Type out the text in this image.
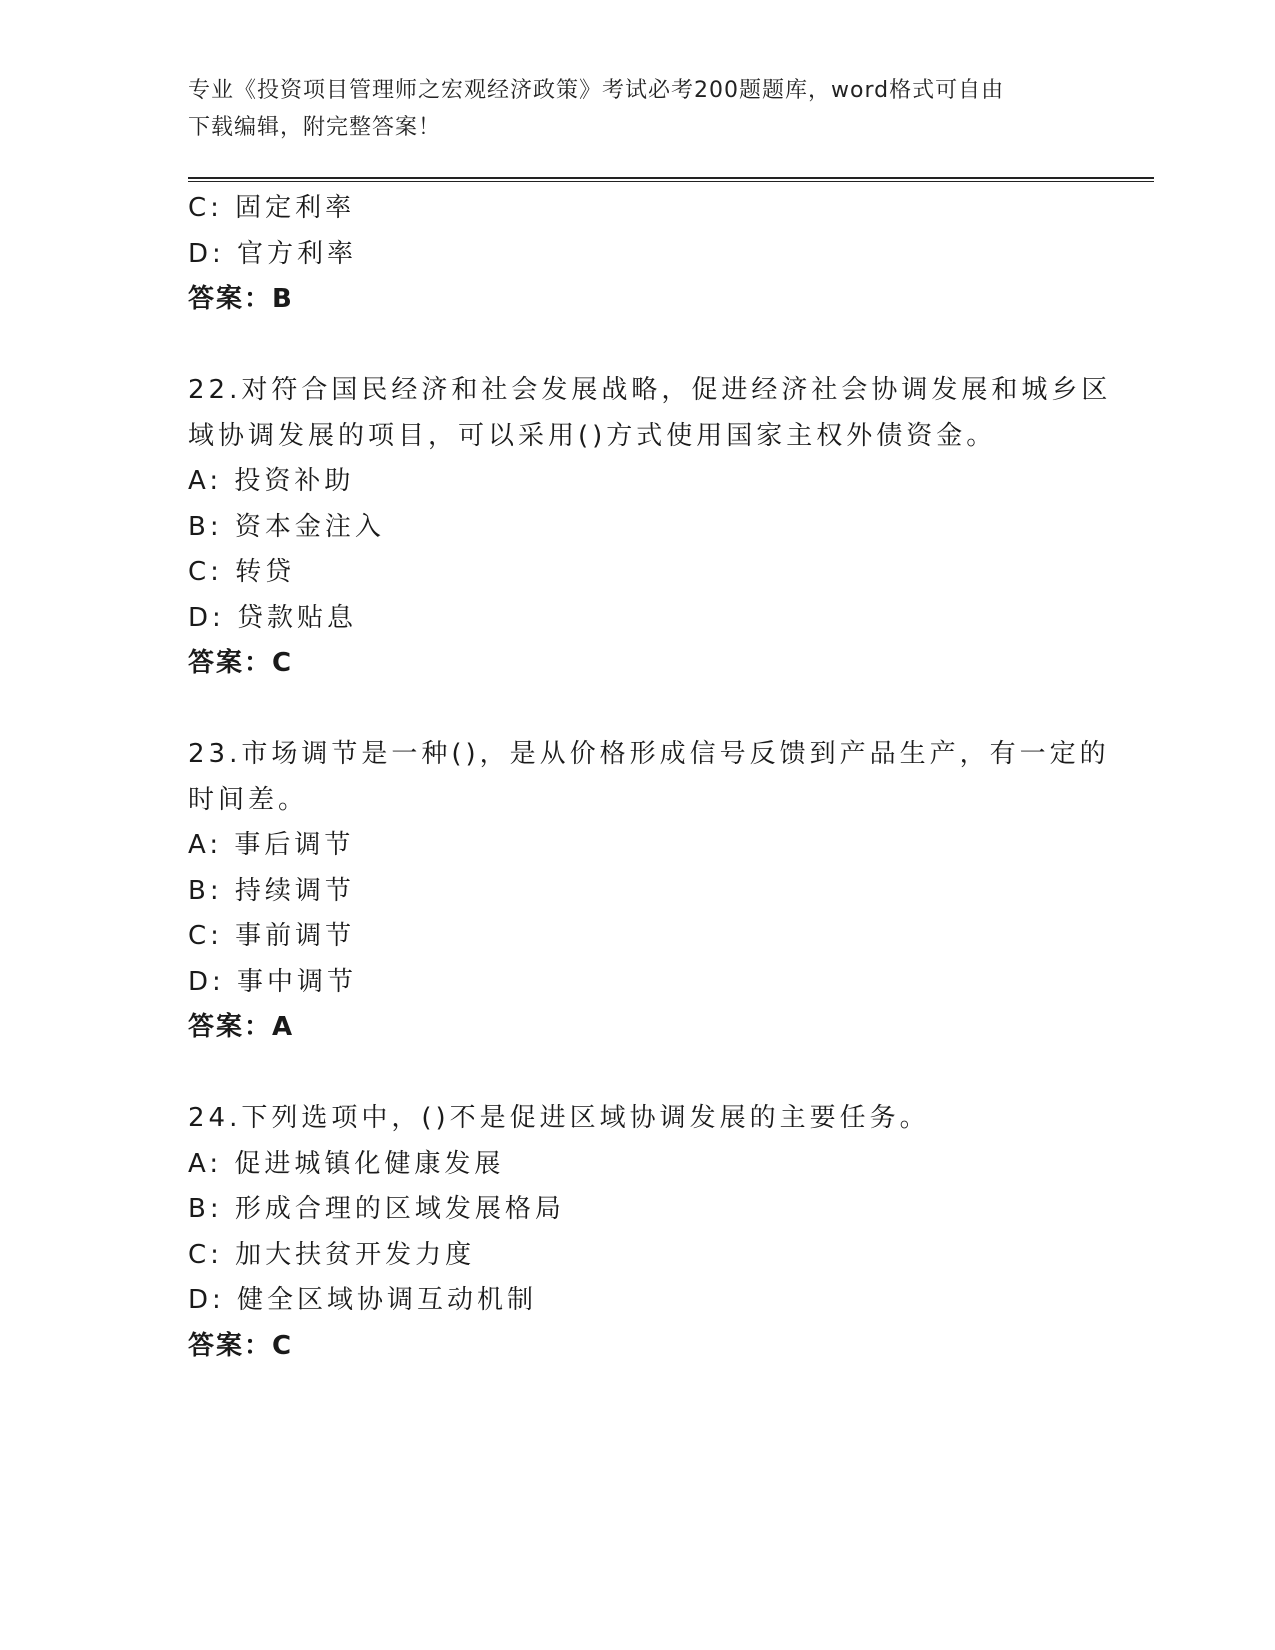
专业《投资项目管理师之宏观经济政策》考试必考200题题库，word格式可自由
下载编辑，附完整答案！
C: 固定利率
D: 官方利率
答案：B
22.对符合国民经济和社会发展战略，促进经济社会协调发展和城乡区
域协调发展的项目，可以采用()方式使用国家主权外债资金。
A: 投资补助
B: 资本金注入
C: 转贷
D: 贷款贴息
答案：C
23.市场调节是一种()，是从价格形成信号反馈到产品生产，有一定的
时间差。
A: 事后调节
B: 持续调节
C: 事前调节
D: 事中调节
答案：A
24.下列选项中，()不是促进区域协调发展的主要任务。
A: 促进城镇化健康发展
B: 形成合理的区域发展格局
C: 加大扶贫开发力度
D: 健全区域协调互动机制
答案：C
